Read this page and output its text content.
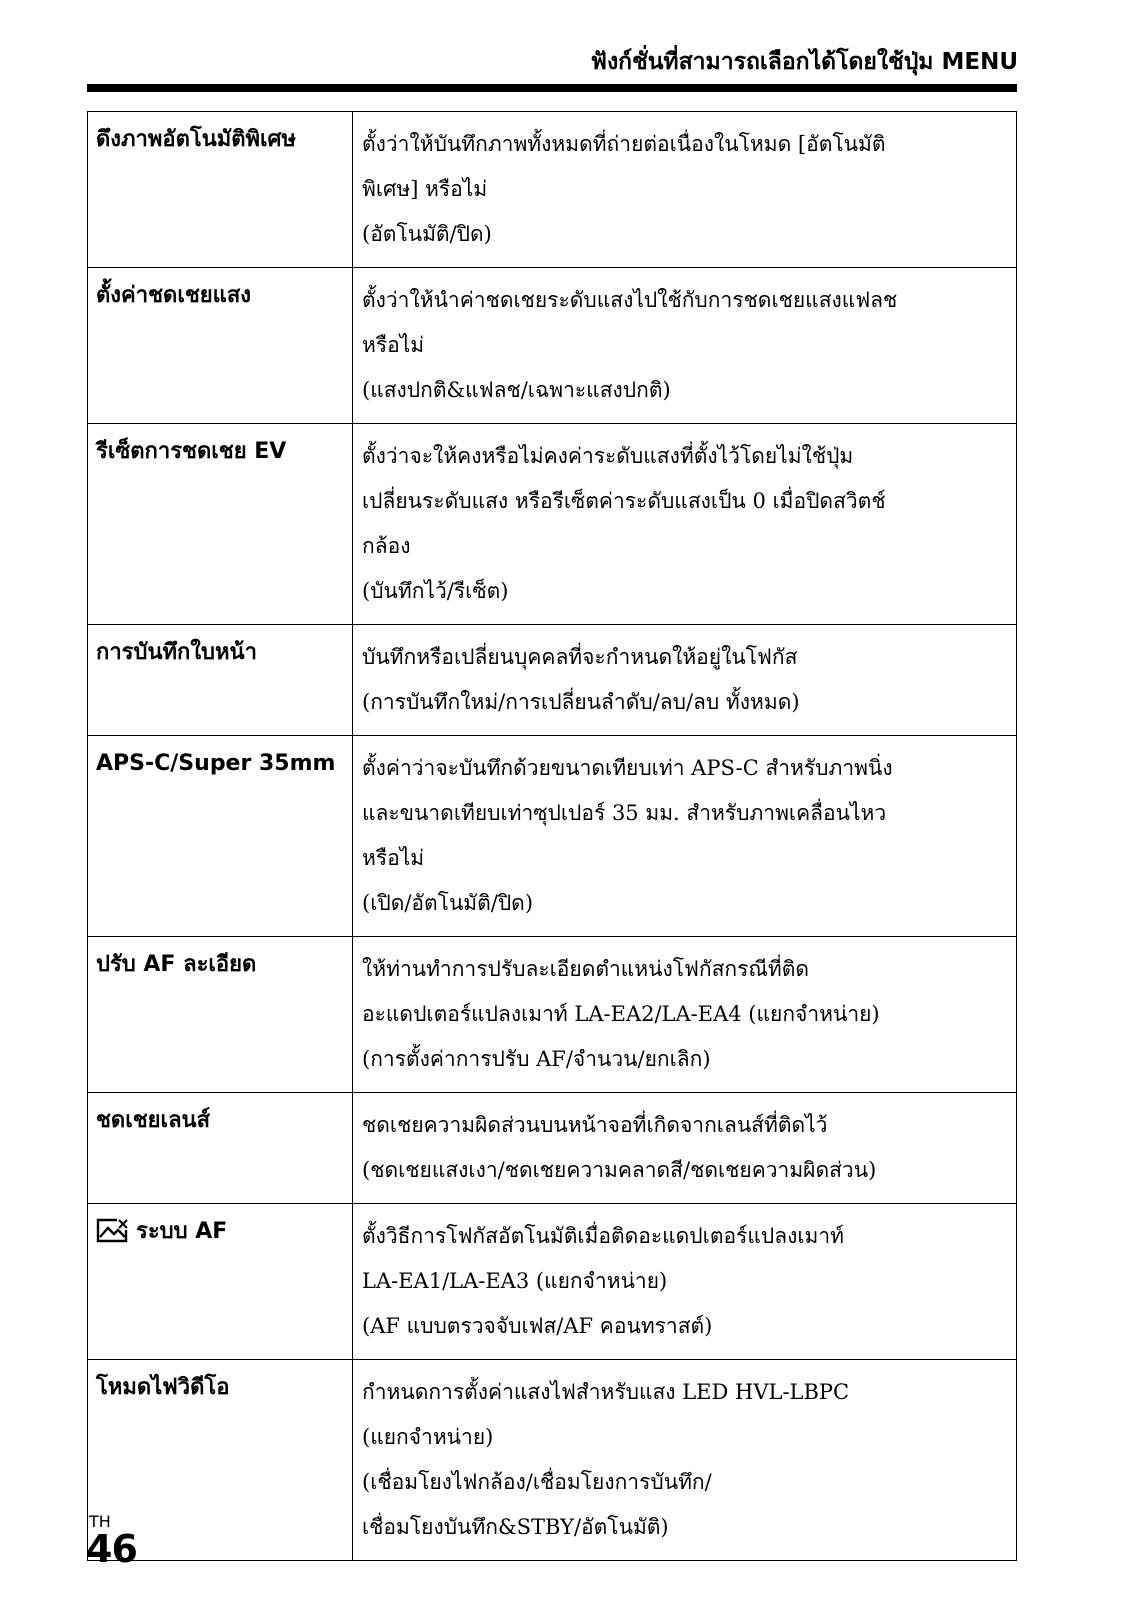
ฟังก์ชั่นที่สามารถเลือกได้โดยใช้ปุ่ม MENU
ดึงภาพอัตโนมัติพิเศษ	ตั้งว่าให้บันทึกภาพทั้งหมดที่ถ่ายต่อเนื่องในโหมด [อัตโนมัติ
พิเศษ] หรือไม่
(อัตโนมัติ/ปิด)

ตั้งค่าชดเชยแสง	ตั้งว่าให้นำค่าชดเชยระดับแสงไปใช้กับการชดเชยแสงแฟลช
หรือไม่
(แสงปกติ&แฟลช/เฉพาะแสงปกติ)

รีเซ็ตการชดเชย EV	ตั้งว่าจะให้คงหรือไม่คงค่าระดับแสงที่ตั้งไว้โดยไม่ใช้ปุ่ม
เปลี่ยนระดับแสง หรือรีเซ็ตค่าระดับแสงเป็น 0 เมื่อปิดสวิตช์
กล้อง
(บันทึกไว้/รีเซ็ต)

การบันทึกใบหน้า	บันทึกหรือเปลี่ยนบุคคลที่จะกำหนดให้อยู่ในโฟกัส
(การบันทึกใหม่/การเปลี่ยนลำดับ/ลบ/ลบ ทั้งหมด)

APS-C/Super 35mm	ตั้งค่าว่าจะบันทึกด้วยขนาดเทียบเท่า APS-C สำหรับภาพนิ่ง
และขนาดเทียบเท่าซุปเปอร์ 35 มม. สำหรับภาพเคลื่อนไหว
หรือไม่
(เปิด/อัตโนมัติ/ปิด)

ปรับ AF ละเอียด	ให้ท่านทำการปรับละเอียดตำแหน่งโฟกัสกรณีที่ติด
อะแดปเตอร์แปลงเมาท์ LA-EA2/LA-EA4 (แยกจำหน่าย)
(การตั้งค่าการปรับ AF/จำนวน/ยกเลิก)

ชดเชยเลนส์	ชดเชยความผิดส่วนบนหน้าจอที่เกิดจากเลนส์ที่ติดไว้
(ชดเชยแสงเงา/ชดเชยความคลาดสี/ชดเชยความผิดส่วน)

ระบบ AF	ตั้งวิธีการโฟกัสอัตโนมัติเมื่อติดอะแดปเตอร์แปลงเมาท์
LA-EA1/LA-EA3 (แยกจำหน่าย)
(AF แบบตรวจจับเฟส/AF คอนทราสต์)

โหมดไฟวิดีโอ	กำหนดการตั้งค่าแสงไฟสำหรับแสง LED HVL-LBPC
(แยกจำหน่าย)
(เชื่อมโยงไฟกล้อง/เชื่อมโยงการบันทึก/
เชื่อมโยงบันทึก&STBY/อัตโนมัติ)
TH
46
